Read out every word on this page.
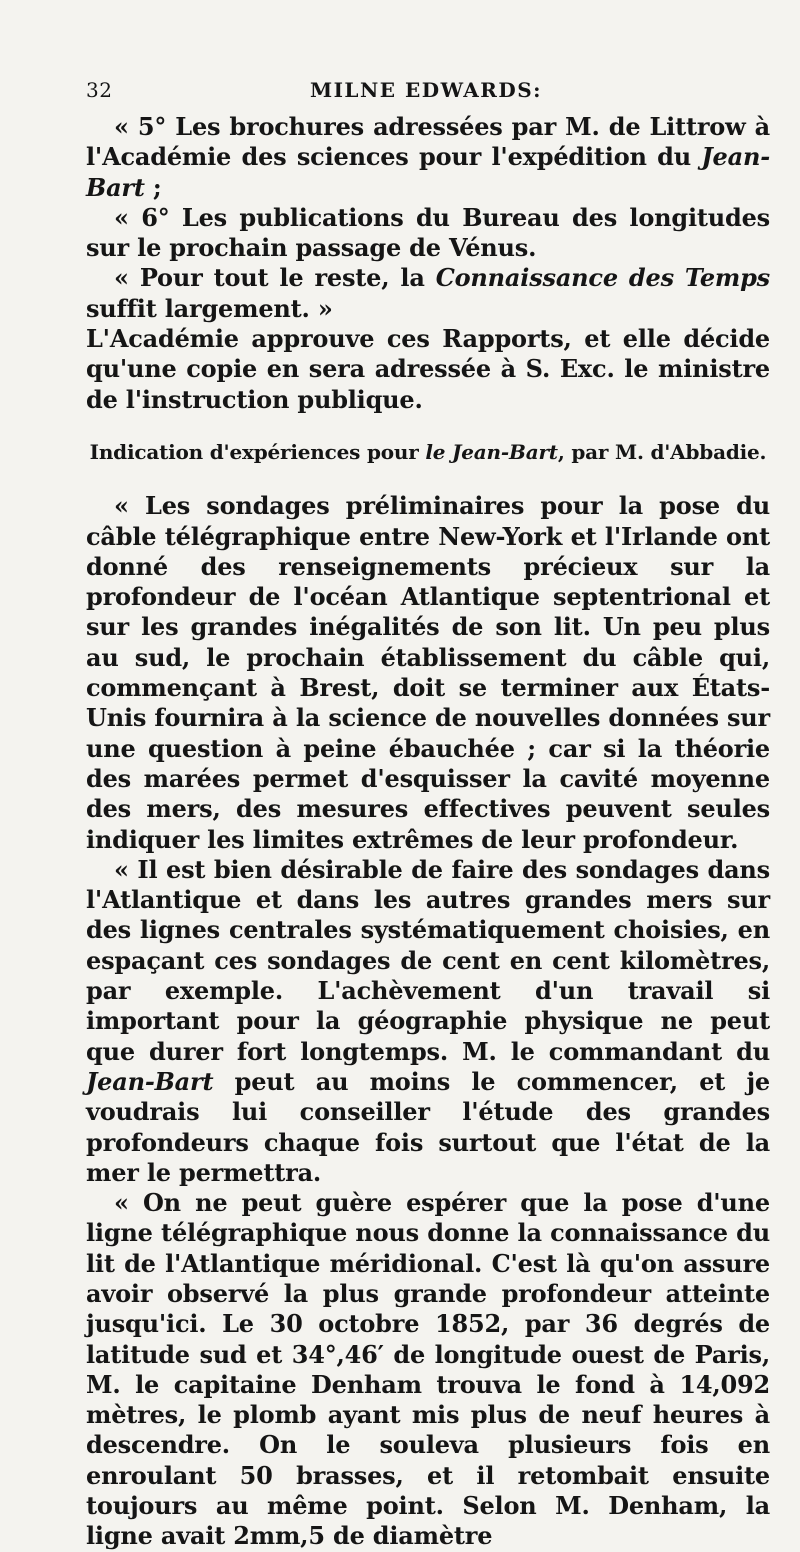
32	MILNE EDWARDS:

« 5° Les brochures adressées par M. de Littrow à l'Académie des sciences pour l'expédition du Jean-Bart ;

« 6° Les publications du Bureau des longitudes sur le prochain passage de Vénus.

« Pour tout le reste, la Connaissance des Temps suffit largement. »

L'Académie approuve ces Rapports, et elle décide qu'une copie en sera adressée à S. Exc. le ministre de l'instruction publique.

Indication d'expériences pour le Jean-Bart, par M. d'Abbadie.

« Les sondages préliminaires pour la pose du câble télégraphique entre New-York et l'Irlande ont donné des renseignements précieux sur la profondeur de l'océan Atlantique septentrional et sur les grandes inégalités de son lit. Un peu plus au sud, le prochain établissement du câble qui, commençant à Brest, doit se terminer aux États-Unis fournira à la science de nouvelles données sur une question à peine ébauchée ; car si la théorie des marées permet d'esquisser la cavité moyenne des mers, des mesures effectives peuvent seules indiquer les limites extrêmes de leur profondeur.

« Il est bien désirable de faire des sondages dans l'Atlantique et dans les autres grandes mers sur des lignes centrales systématiquement choisies, en espaçant ces sondages de cent en cent kilomètres, par exemple. L'achèvement d'un travail si important pour la géographie physique ne peut que durer fort longtemps. M. le commandant du Jean-Bart peut au moins le commencer, et je voudrais lui conseiller l'étude des grandes profondeurs chaque fois surtout que l'état de la mer le permettra.

« On ne peut guère espérer que la pose d'une ligne télégraphique nous donne la connaissance du lit de l'Atlantique méridional. C'est là qu'on assure avoir observé la plus grande profondeur atteinte jusqu'ici. Le 30 octobre 1852, par 36 degrés de latitude sud et 34°,46′ de longitude ouest de Paris, M. le capitaine Denham trouva le fond à 14,092 mètres, le plomb ayant mis plus de neuf heures à descendre. On le souleva plusieurs fois en enroulant 50 brasses, et il retombait ensuite toujours au même point. Selon M. Denham, la ligne avait 2mm,5 de diamètre
